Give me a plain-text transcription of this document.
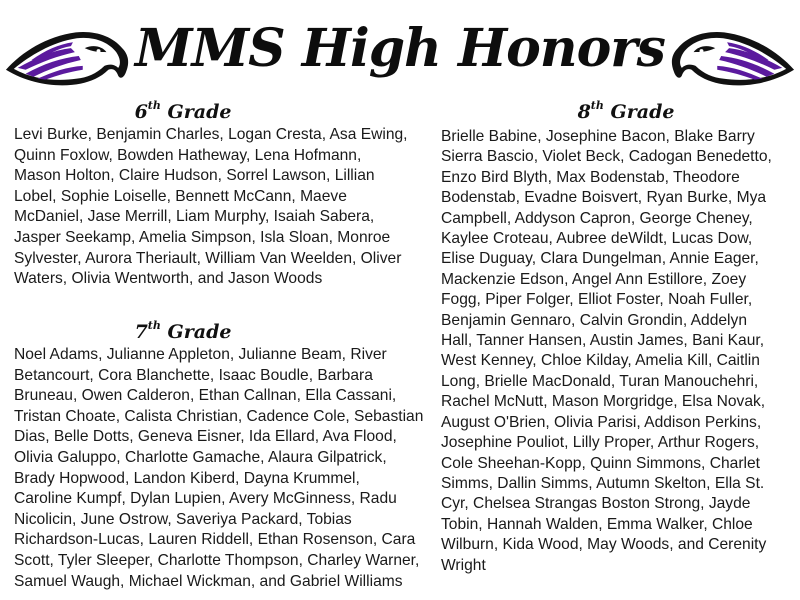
MMS High Honors
6th Grade
Levi Burke, Benjamin Charles, Logan Cresta, Asa Ewing,
Quinn Foxlow, Bowden Hatheway, Lena Hofmann,
Mason Holton, Claire Hudson, Sorrel Lawson, Lillian
Lobel, Sophie Loiselle, Bennett McCann, Maeve
McDaniel, Jase Merrill, Liam Murphy, Isaiah Sabera,
Jasper Seekamp, Amelia Simpson, Isla Sloan, Monroe
Sylvester, Aurora Theriault, William Van Weelden, Oliver
Waters, Olivia Wentworth, and Jason Woods
7th Grade
Noel Adams, Julianne Appleton, Julianne Beam, River
Betancourt, Cora Blanchette, Isaac Boudle, Barbara
Bruneau, Owen Calderon, Ethan Callnan, Ella Cassani,
Tristan Choate, Calista Christian, Cadence Cole, Sebastian
Dias, Belle Dotts, Geneva Eisner, Ida Ellard, Ava Flood,
Olivia Galuppo, Charlotte Gamache, Alaura Gilpatrick,
Brady Hopwood, Landon Kiberd, Dayna Krummel,
Caroline Kumpf, Dylan Lupien, Avery McGinness, Radu
Nicolicin, June Ostrow, Saveriya Packard, Tobias
Richardson-Lucas, Lauren Riddell, Ethan Rosenson, Cara
Scott, Tyler Sleeper, Charlotte Thompson, Charley Warner,
Samuel Waugh, Michael Wickman, and Gabriel Williams
8th Grade
Brielle Babine, Josephine Bacon, Blake Barry
Sierra Bascio, Violet Beck, Cadogan Benedetto,
Enzo Bird Blyth, Max Bodenstab, Theodore
Bodenstab, Evadne Boisvert, Ryan Burke, Mya
Campbell, Addyson Capron, George Cheney,
Kaylee Croteau, Aubree deWildt, Lucas Dow,
Elise Duguay, Clara Dungelman, Annie Eager,
Mackenzie Edson, Angel Ann Estillore, Zoey
Fogg, Piper Folger, Elliot Foster, Noah Fuller,
Benjamin Gennaro, Calvin Grondin, Addelyn
Hall, Tanner Hansen, Austin James, Bani Kaur,
West Kenney, Chloe Kilday, Amelia Kill, Caitlin
Long, Brielle MacDonald, Turan Manouchehri,
Rachel McNutt, Mason Morgridge, Elsa Novak,
August O'Brien, Olivia Parisi, Addison Perkins,
Josephine Pouliot, Lilly Proper, Arthur Rogers,
Cole Sheehan-Kopp, Quinn Simmons, Charlet
Simms, Dallin Simms, Autumn Skelton, Ella St.
Cyr, Chelsea Strangas Boston Strong, Jayde
Tobin, Hannah Walden, Emma Walker, Chloe
Wilburn, Kida Wood, May Woods, and Cerenity
Wright
